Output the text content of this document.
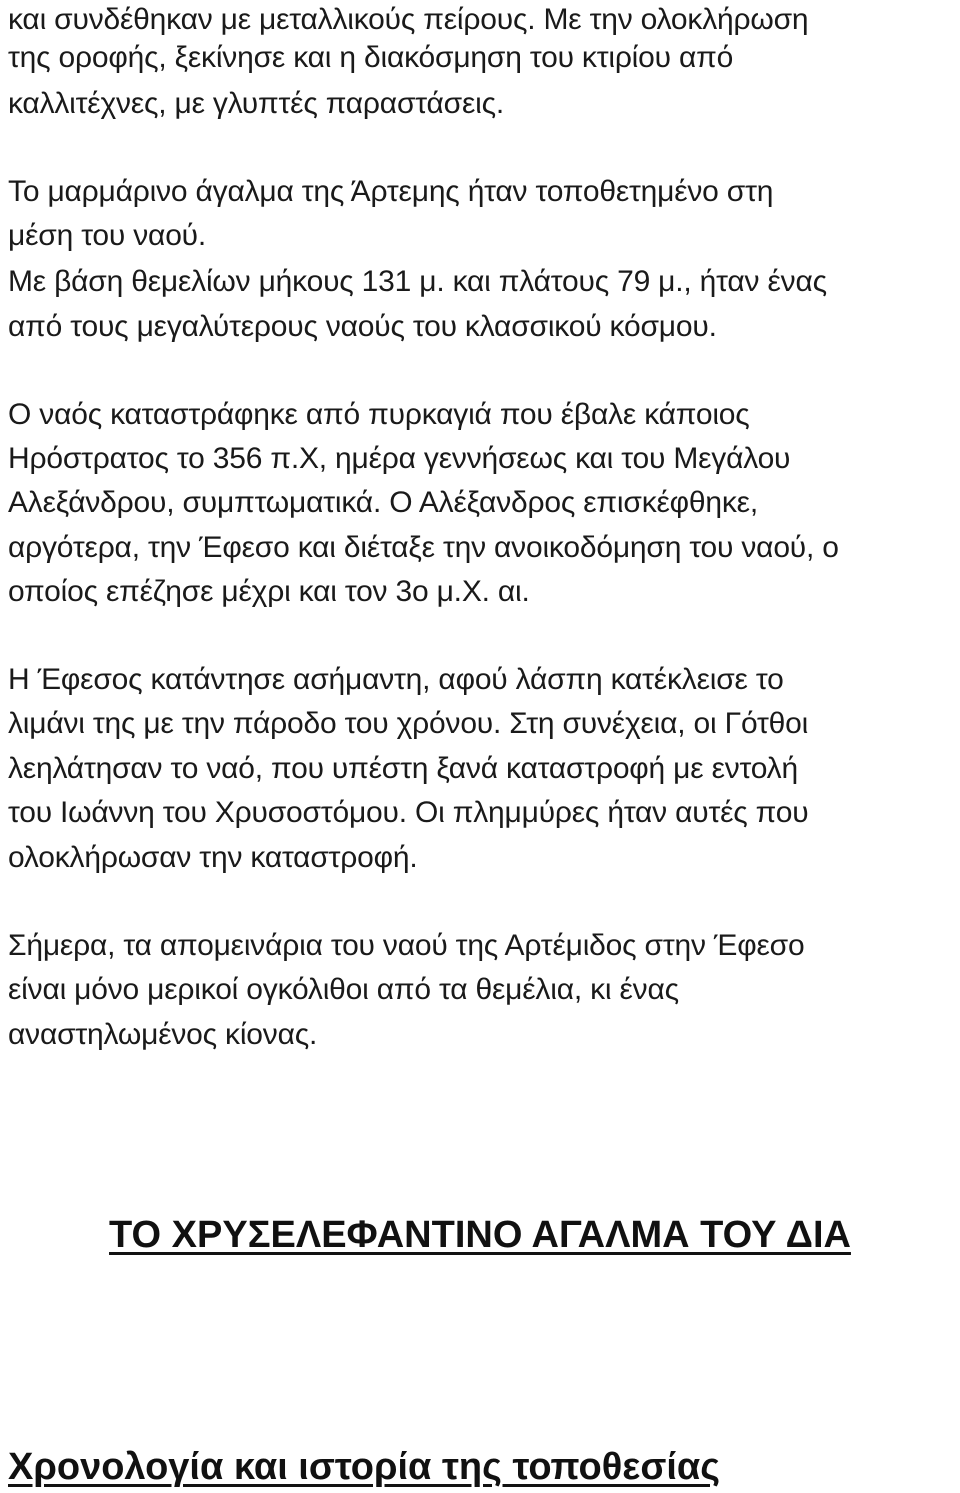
και συνδέθηκαν με μεταλλικούς πείρους. Με την ολοκλήρωση
της οροφής, ξεκίνησε και η διακόσμηση του κτιρίου από
καλλιτέχνες, με γλυπτές παραστάσεις.
Το μαρμάρινο άγαλμα της Άρτεμης ήταν τοποθετημένο στη
μέση του ναού.
Με βάση θεμελίων μήκους 131 μ. και πλάτους 79 μ., ήταν ένας
από τους μεγαλύτερους ναούς του κλασσικού κόσμου.
Ο ναός καταστράφηκε από πυρκαγιά που έβαλε κάποιος
Ηρόστρατος το 356 π.Χ, ημέρα γεννήσεως και του Μεγάλου
Αλεξάνδρου, συμπτωματικά. Ο Αλέξανδρος επισκέφθηκε,
αργότερα, την Έφεσο και διέταξε την ανοικοδόμηση του ναού, ο
οποίος επέζησε μέχρι και τον 3ο μ.Χ. αι.
Η Έφεσος κατάντησε ασήμαντη, αφού λάσπη κατέκλεισε το
λιμάνι της με την πάροδο του χρόνου. Στη συνέχεια, οι Γότθοι
λεηλάτησαν το ναό, που υπέστη ξανά καταστροφή με εντολή
του Ιωάννη του Χρυσοστόμου. Οι πλημμύρες ήταν αυτές που
ολοκλήρωσαν την καταστροφή.
Σήμερα, τα απομεινάρια του ναού της Αρτέμιδος στην Έφεσο
είναι μόνο μερικοί ογκόλιθοι από τα θεμέλια, κι ένας
αναστηλωμένος κίονας.
ΤΟ ΧΡΥΣΕΛΕΦΑΝΤΙΝΟ ΑΓΑΛΜΑ ΤΟΥ ΔΙΑ
Χρονολογία και ιστορία της τοποθεσίας
